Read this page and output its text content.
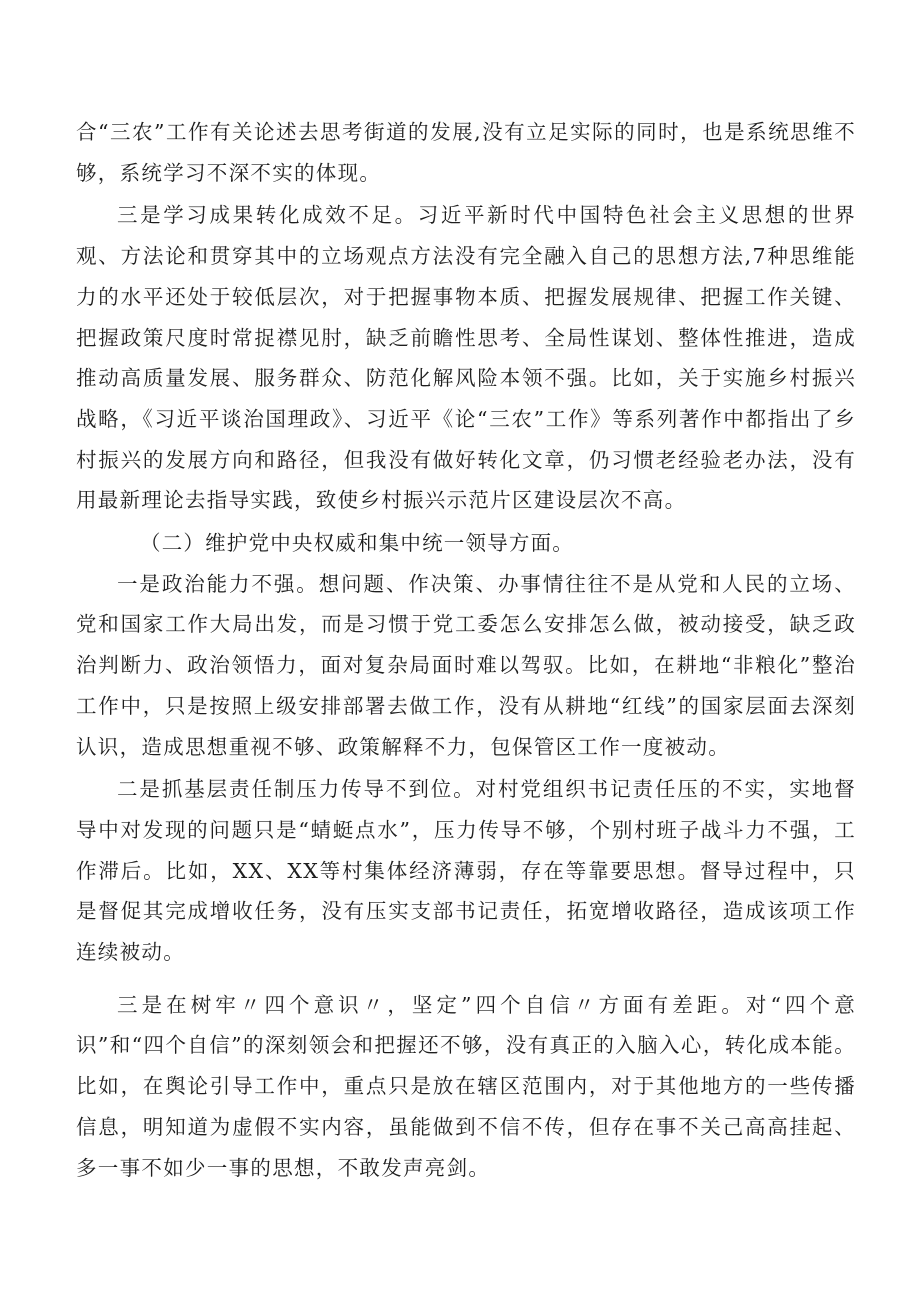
合“三农”工作有关论述去思考街道的发展,没有立足实际的同时，也是系统思维不够，系统学习不深不实的体现。

三是学习成果转化成效不足。习近平新时代中国特色社会主义思想的世界观、方法论和贯穿其中的立场观点方法没有完全融入自己的思想方法,7种思维能力的水平还处于较低层次，对于把握事物本质、把握发展规律、把握工作关键、把握政策尺度时常捉襟见肘，缺乏前瞻性思考、全局性谋划、整体性推进，造成推动高质量发展、服务群众、防范化解风险本领不强。比如，关于实施乡村振兴战略，《习近平谈治国理政》、习近平《论“三农”工作》等系列著作中都指出了乡村振兴的发展方向和路径，但我没有做好转化文章，仍习惯老经验老办法，没有用最新理论去指导实践，致使乡村振兴示范片区建设层次不高。

（二）维护党中央权威和集中统一领导方面。

一是政治能力不强。想问题、作决策、办事情往往不是从党和人民的立场、党和国家工作大局出发，而是习惯于党工委怎么安排怎么做，被动接受，缺乏政治判断力、政治领悟力，面对复杂局面时难以驾驭。比如，在耕地“非粮化”整治工作中，只是按照上级安排部署去做工作，没有从耕地“红线”的国家层面去深刻认识，造成思想重视不够、政策解释不力，包保管区工作一度被动。

二是抓基层责任制压力传导不到位。对村党组织书记责任压的不实，实地督导中对发现的问题只是“蜻蜓点水”，压力传导不够，个别村班子战斗力不强，工作滞后。比如，XX、XX等村集体经济薄弱，存在等靠要思想。督导过程中，只是督促其完成增收任务，没有压实支部书记责任，拓宽增收路径，造成该项工作连续被动。

三是在树牢〃四个意识〃，坚定”四个自信〃方面有差距。对“四个意识”和“四个自信”的深刻领会和把握还不够，没有真正的入脑入心，转化成本能。比如，在舆论引导工作中，重点只是放在辖区范围内，对于其他地方的一些传播信息，明知道为虚假不实内容，虽能做到不信不传，但存在事不关己高高挂起、多一事不如少一事的思想，不敢发声亮剑。
